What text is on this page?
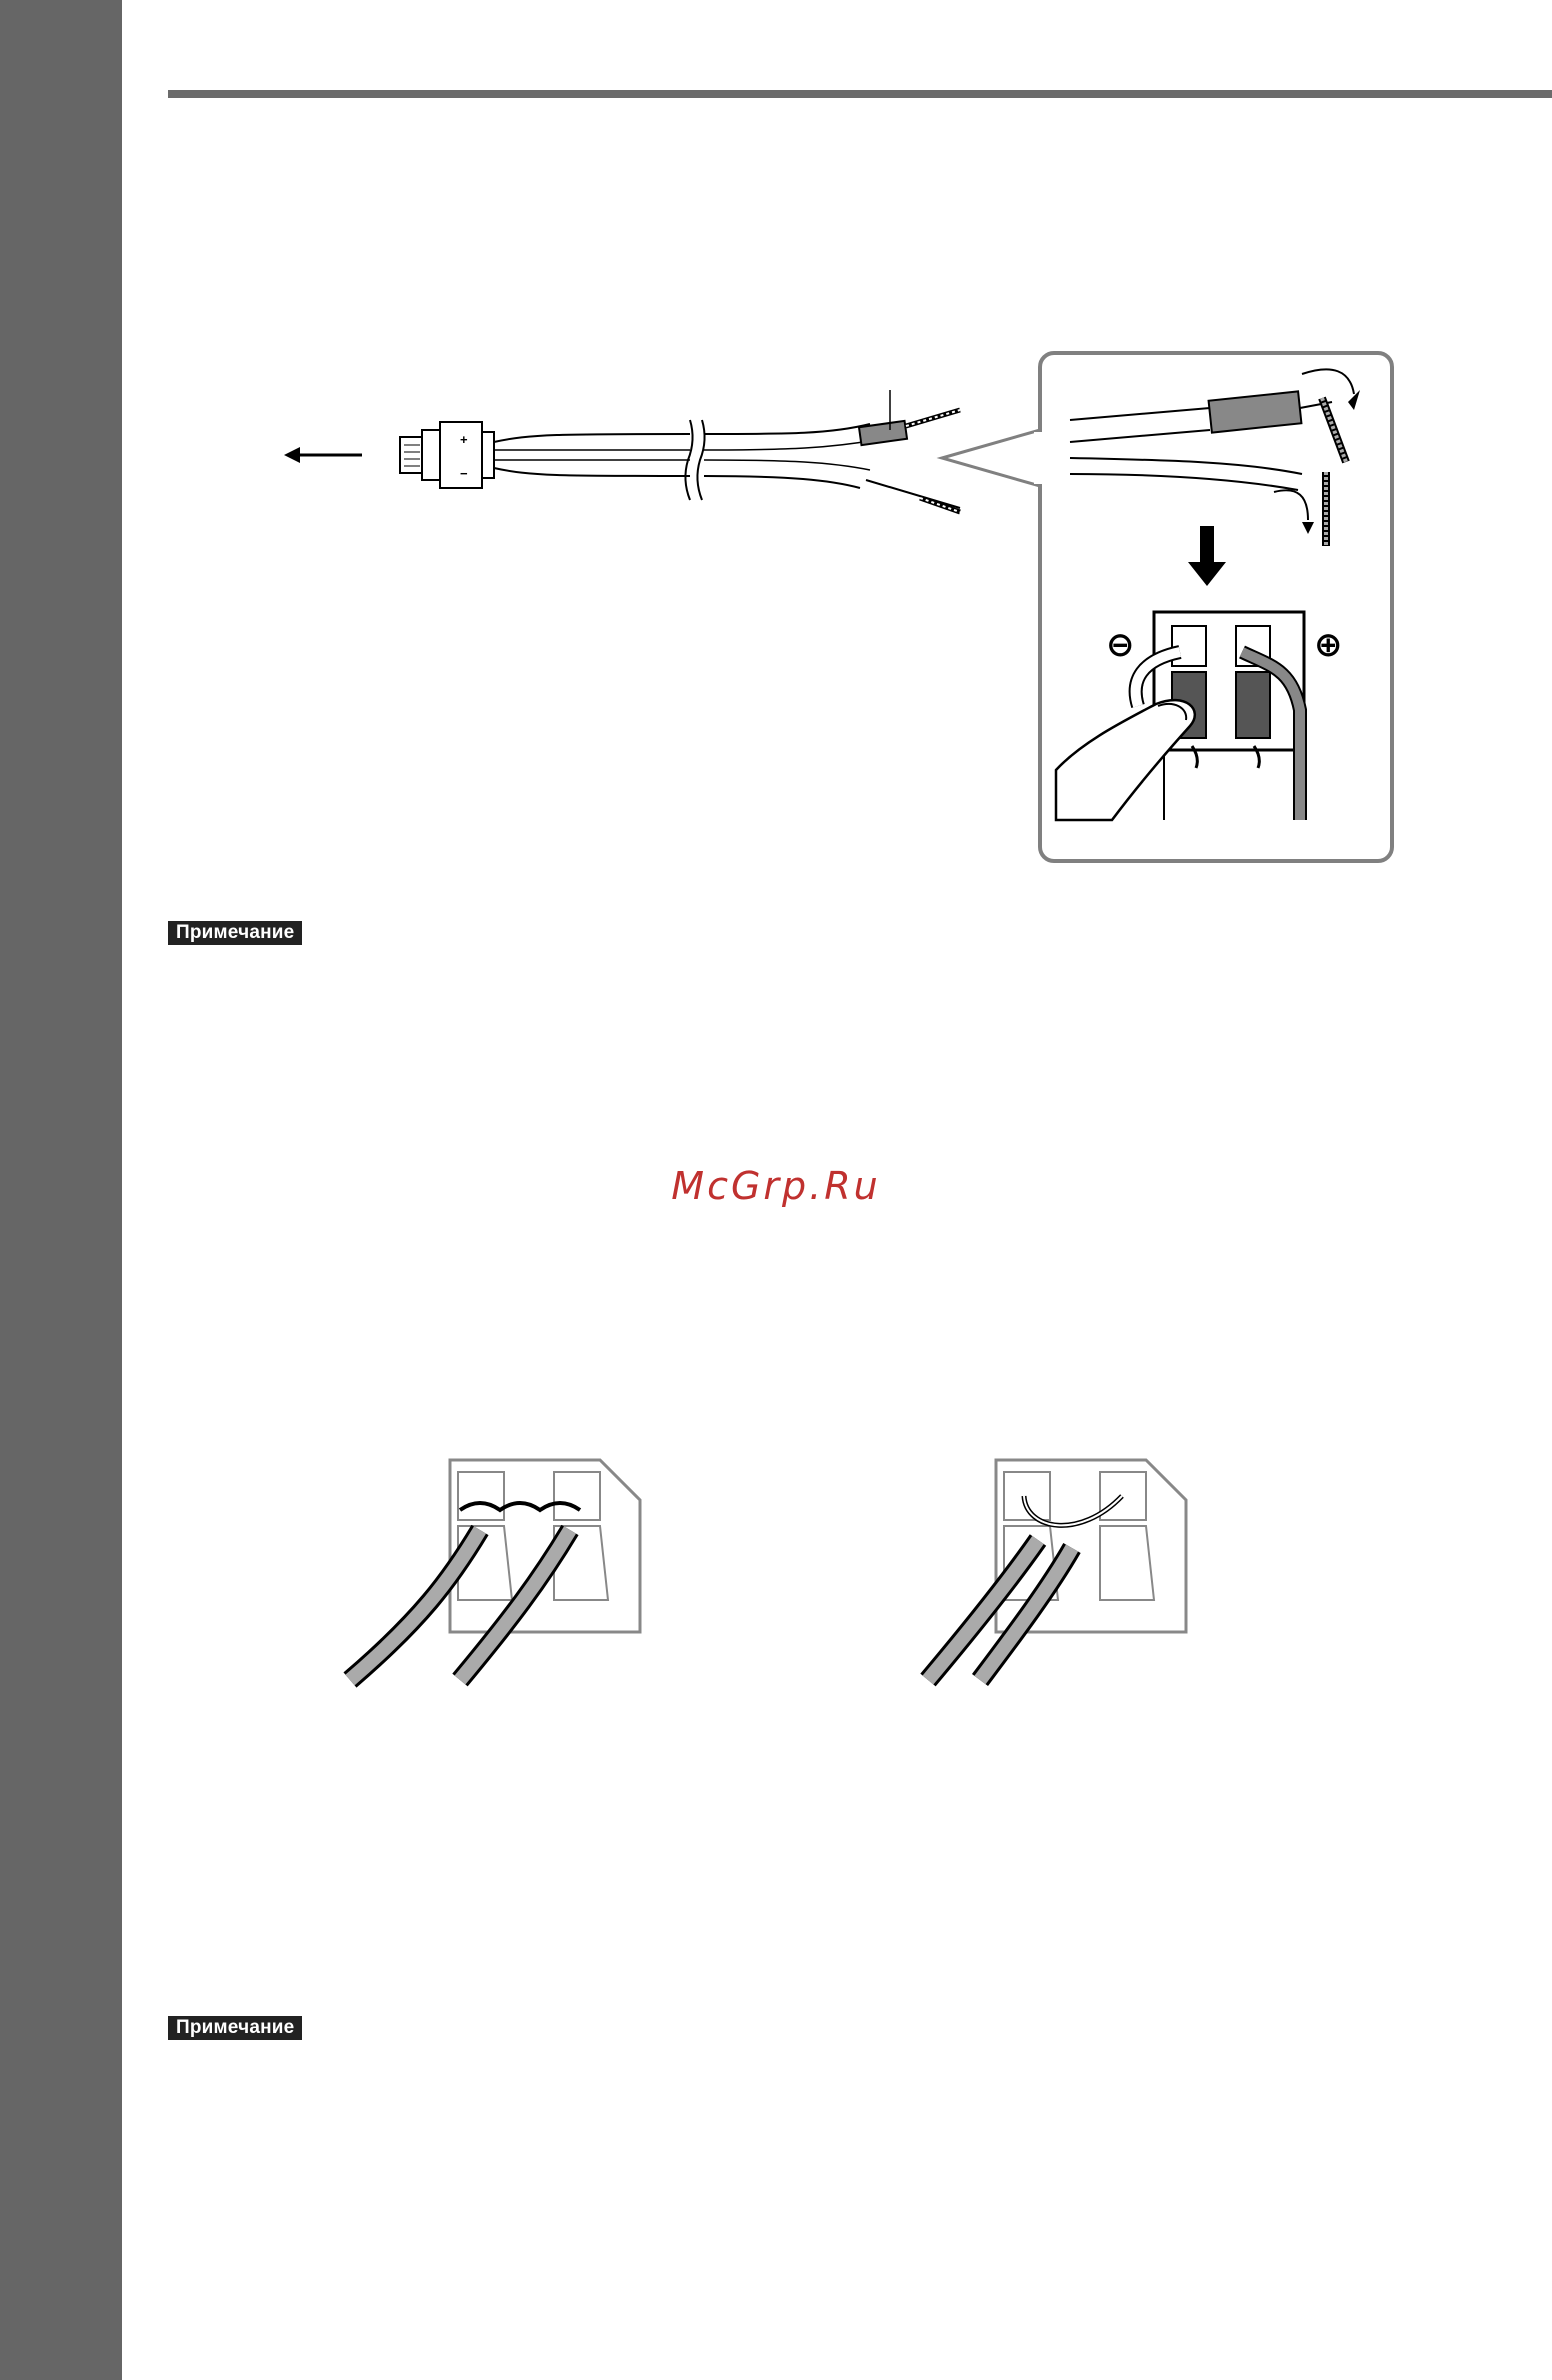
+
−
⊖	⊕
Примечание
McGrp.Ru
Примечание
